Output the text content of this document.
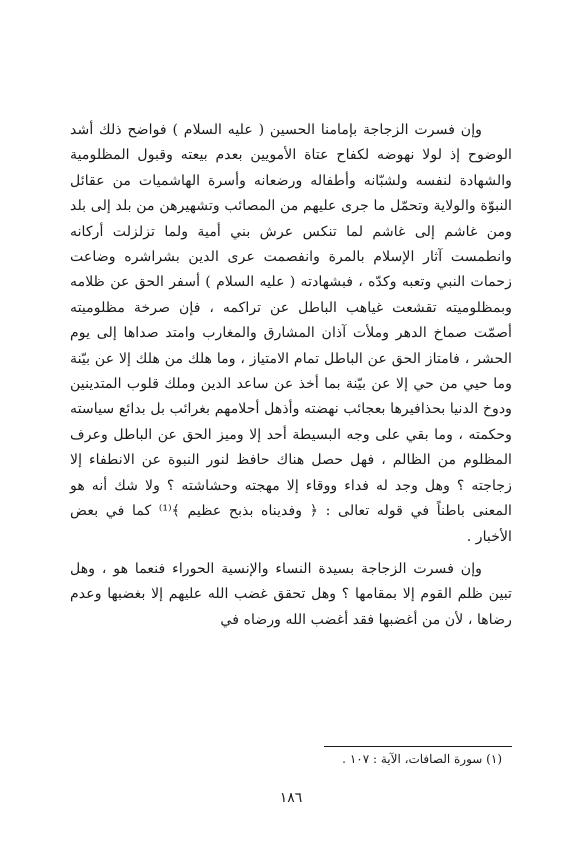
وإن فسرت الزجاجة بإمامنا الحسين ( عليه السلام ) فواضح ذلك أشد الوضوح إذ لولا نهوضه لكفاح عتاة الأمويين بعدم بيعته وقبول المظلومية والشهادة لنفسه ولشبّانه وأطفاله ورضعانه وأسرة الهاشميات من عقائل النبوّة والولاية وتحمّل ما جرى عليهم من المصائب وتشهيرهن من بلد إلى بلد ومن غاشم إلى غاشم لما تنكس عرش بني أمية ولما تزلزلت أركانه وانطمست آثار الإسلام بالمرة وانفصمت عرى الدين بشراشره وضاعت زحمات النبي وتعبه وكدّه ، فبشهادته ( عليه السلام ) أسفر الحق عن ظلامه وبمظلوميته تقشعت غياهب الباطل عن تراكمه ، فإن صرخة مظلوميته أصمّت صماخ الدهر وملأت آذان المشارق والمغارب وامتد صداها إلى يوم الحشر ، فامتاز الحق عن الباطل تمام الامتياز ، وما هلك من هلك إلا عن بيّنة وما حيي من حي إلا عن بيّنة بما أخذ عن ساعد الدين وملك قلوب المتدينين ودوخ الدنيا بحذافيرها بعجائب نهضته وأذهل أحلامهم بغرائب بل بدائع سياسته وحكمته ، وما بقي على وجه البسيطة أحد إلا وميز الحق عن الباطل وعرف المظلوم من الظالم ، فهل حصل هناك حافظ لنور النبوة عن الانطفاء إلا زجاجته ؟ وهل وجد له فداء ووقاء إلا مهجته وحشاشته ؟ ولا شك أنه هو المعنى باطناً في قوله تعالى : ﴿ وفديناه بذبح عظيم ﴾⁽¹⁾ كما في بعض الأخبار .

وإن فسرت الزجاجة بسيدة النساء والإنسية الحوراء فنعما هو ، وهل تبين ظلم القوم إلا بمقامها ؟ وهل تحقق غضب الله عليهم إلا بغضبها وعدم رضاها ، لأن من أغضبها فقد أغضب الله ورضاه في

(١) سورة الصافات، الآية : ١٠٧ .
١٨٦
